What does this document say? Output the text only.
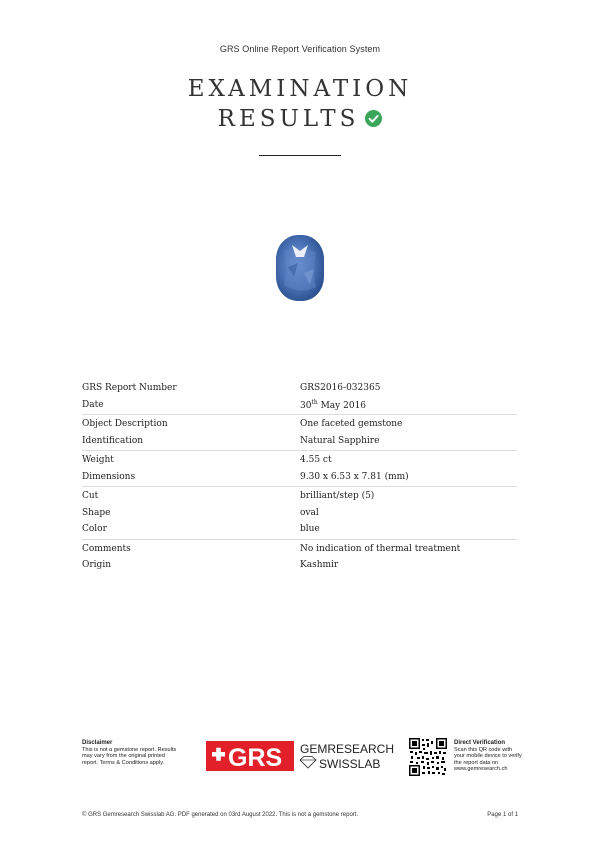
GRS Online Report Verification System
EXAMINATION
RESULTS
GRS Report Number	GRS2016-032365
Date	30th May 2016
Object Description	One faceted gemstone
Identification	Natural Sapphire
Weight	4.55 ct
Dimensions	9.30 x 6.53 x 7.81 (mm)
Cut	brilliant/step (5)
Shape	oval
Color	blue
Comments	No indication of thermal treatment
Origin	Kashmir
Disclaimer
This is not a gemstone report. Results may vary from the original printed report. Terms & Conditions apply.	GRS GEMRESEARCH
SWISSLAB
Direct Verification
Scan this QR code with your mobile device to verify the report data on www.gemresearch.ch
© GRS Gemresearch Swisslab AG. PDF generated on 03rd August 2022. This is not a gemstone report.	Page 1 of 1
